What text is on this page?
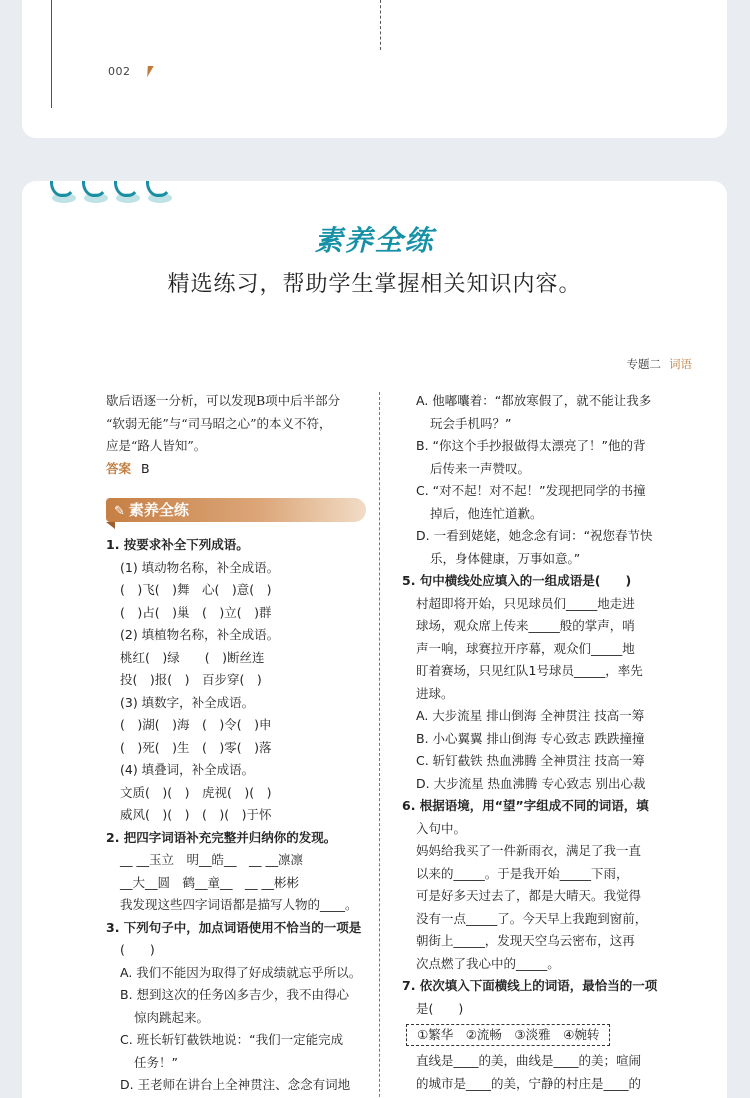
002
素养全练
精选练习，帮助学生掌握相关知识内容。
专题二 词语
歇后语逐一分析，可以发现B项中后半部分
“软弱无能”与“司马昭之心”的本义不符，
应是“路人皆知”。
答案 B
✎ 素养全练
1. 按要求补全下列成语。
(1) 填动物名称，补全成语。
(　)飞(　)舞　心(　)意(　)
(　)占(　)巢　(　)立(　)群
(2) 填植物名称，补全成语。
桃红(　)绿　　(　)断丝连
投(　)报(　)　百步穿(　)
(3) 填数字，补全成语。
(　)湖(　)海　(　)令(　)申
(　)死(　)生　(　)零(　)落
(4) 填叠词，补全成语。
文质(　)(　)　虎视(　)(　)
威风(　)(　)　(　)(　)于怀
2. 把四字词语补充完整并归纳你的发现。
__ __玉立　明__皓__　__ __凛凛
__大__圆　鹤__童__　__ __彬彬
我发现这些四字词语都是描写人物的____。
3. 下列句子中，加点词语使用不恰当的一项是
(　　)
A. 我们不能因为取得了好成绩就忘乎所以。
B. 想到这次的任务凶多吉少，我不由得心
惊肉跳起来。
C. 班长斩钉截铁地说：“我们一定能完成
任务！”
D. 王老师在讲台上全神贯注、念念有词地
A. 他嘟囔着：“都放寒假了，就不能让我多
玩会手机吗？”
B. “你这个手抄报做得太漂亮了！”他的背
后传来一声赞叹。
C. “对不起！对不起！”发现把同学的书撞
掉后，他连忙道歉。
D. 一看到姥姥，她念念有词：“祝您春节快
乐，身体健康，万事如意。”
5. 句中横线处应填入的一组成语是(　　)
村超即将开始，只见球员们_____地走进
球场，观众席上传来_____般的掌声，哨
声一响，球赛拉开序幕，观众们_____地
盯着赛场，只见红队1号球员_____，率先
进球。
A. 大步流星 排山倒海 全神贯注 技高一筹
B. 小心翼翼 排山倒海 专心致志 跌跌撞撞
C. 斩钉截铁 热血沸腾 全神贯注 技高一筹
D. 大步流星 热血沸腾 专心致志 别出心裁
6. 根据语境，用“望”字组成不同的词语，填
入句中。
妈妈给我买了一件新雨衣，满足了我一直
以来的_____。于是我开始_____下雨，
可是好多天过去了，都是大晴天。我觉得
没有一点_____了。今天早上我跑到窗前，
朝街上_____，发现天空乌云密布，这再
次点燃了我心中的_____。
7. 依次填入下面横线上的词语，最恰当的一项
是(　　)
①繁华　②流畅　③淡雅　④婉转
直线是____的美，曲线是____的美；喧闹
的城市是____的美，宁静的村庄是____的
